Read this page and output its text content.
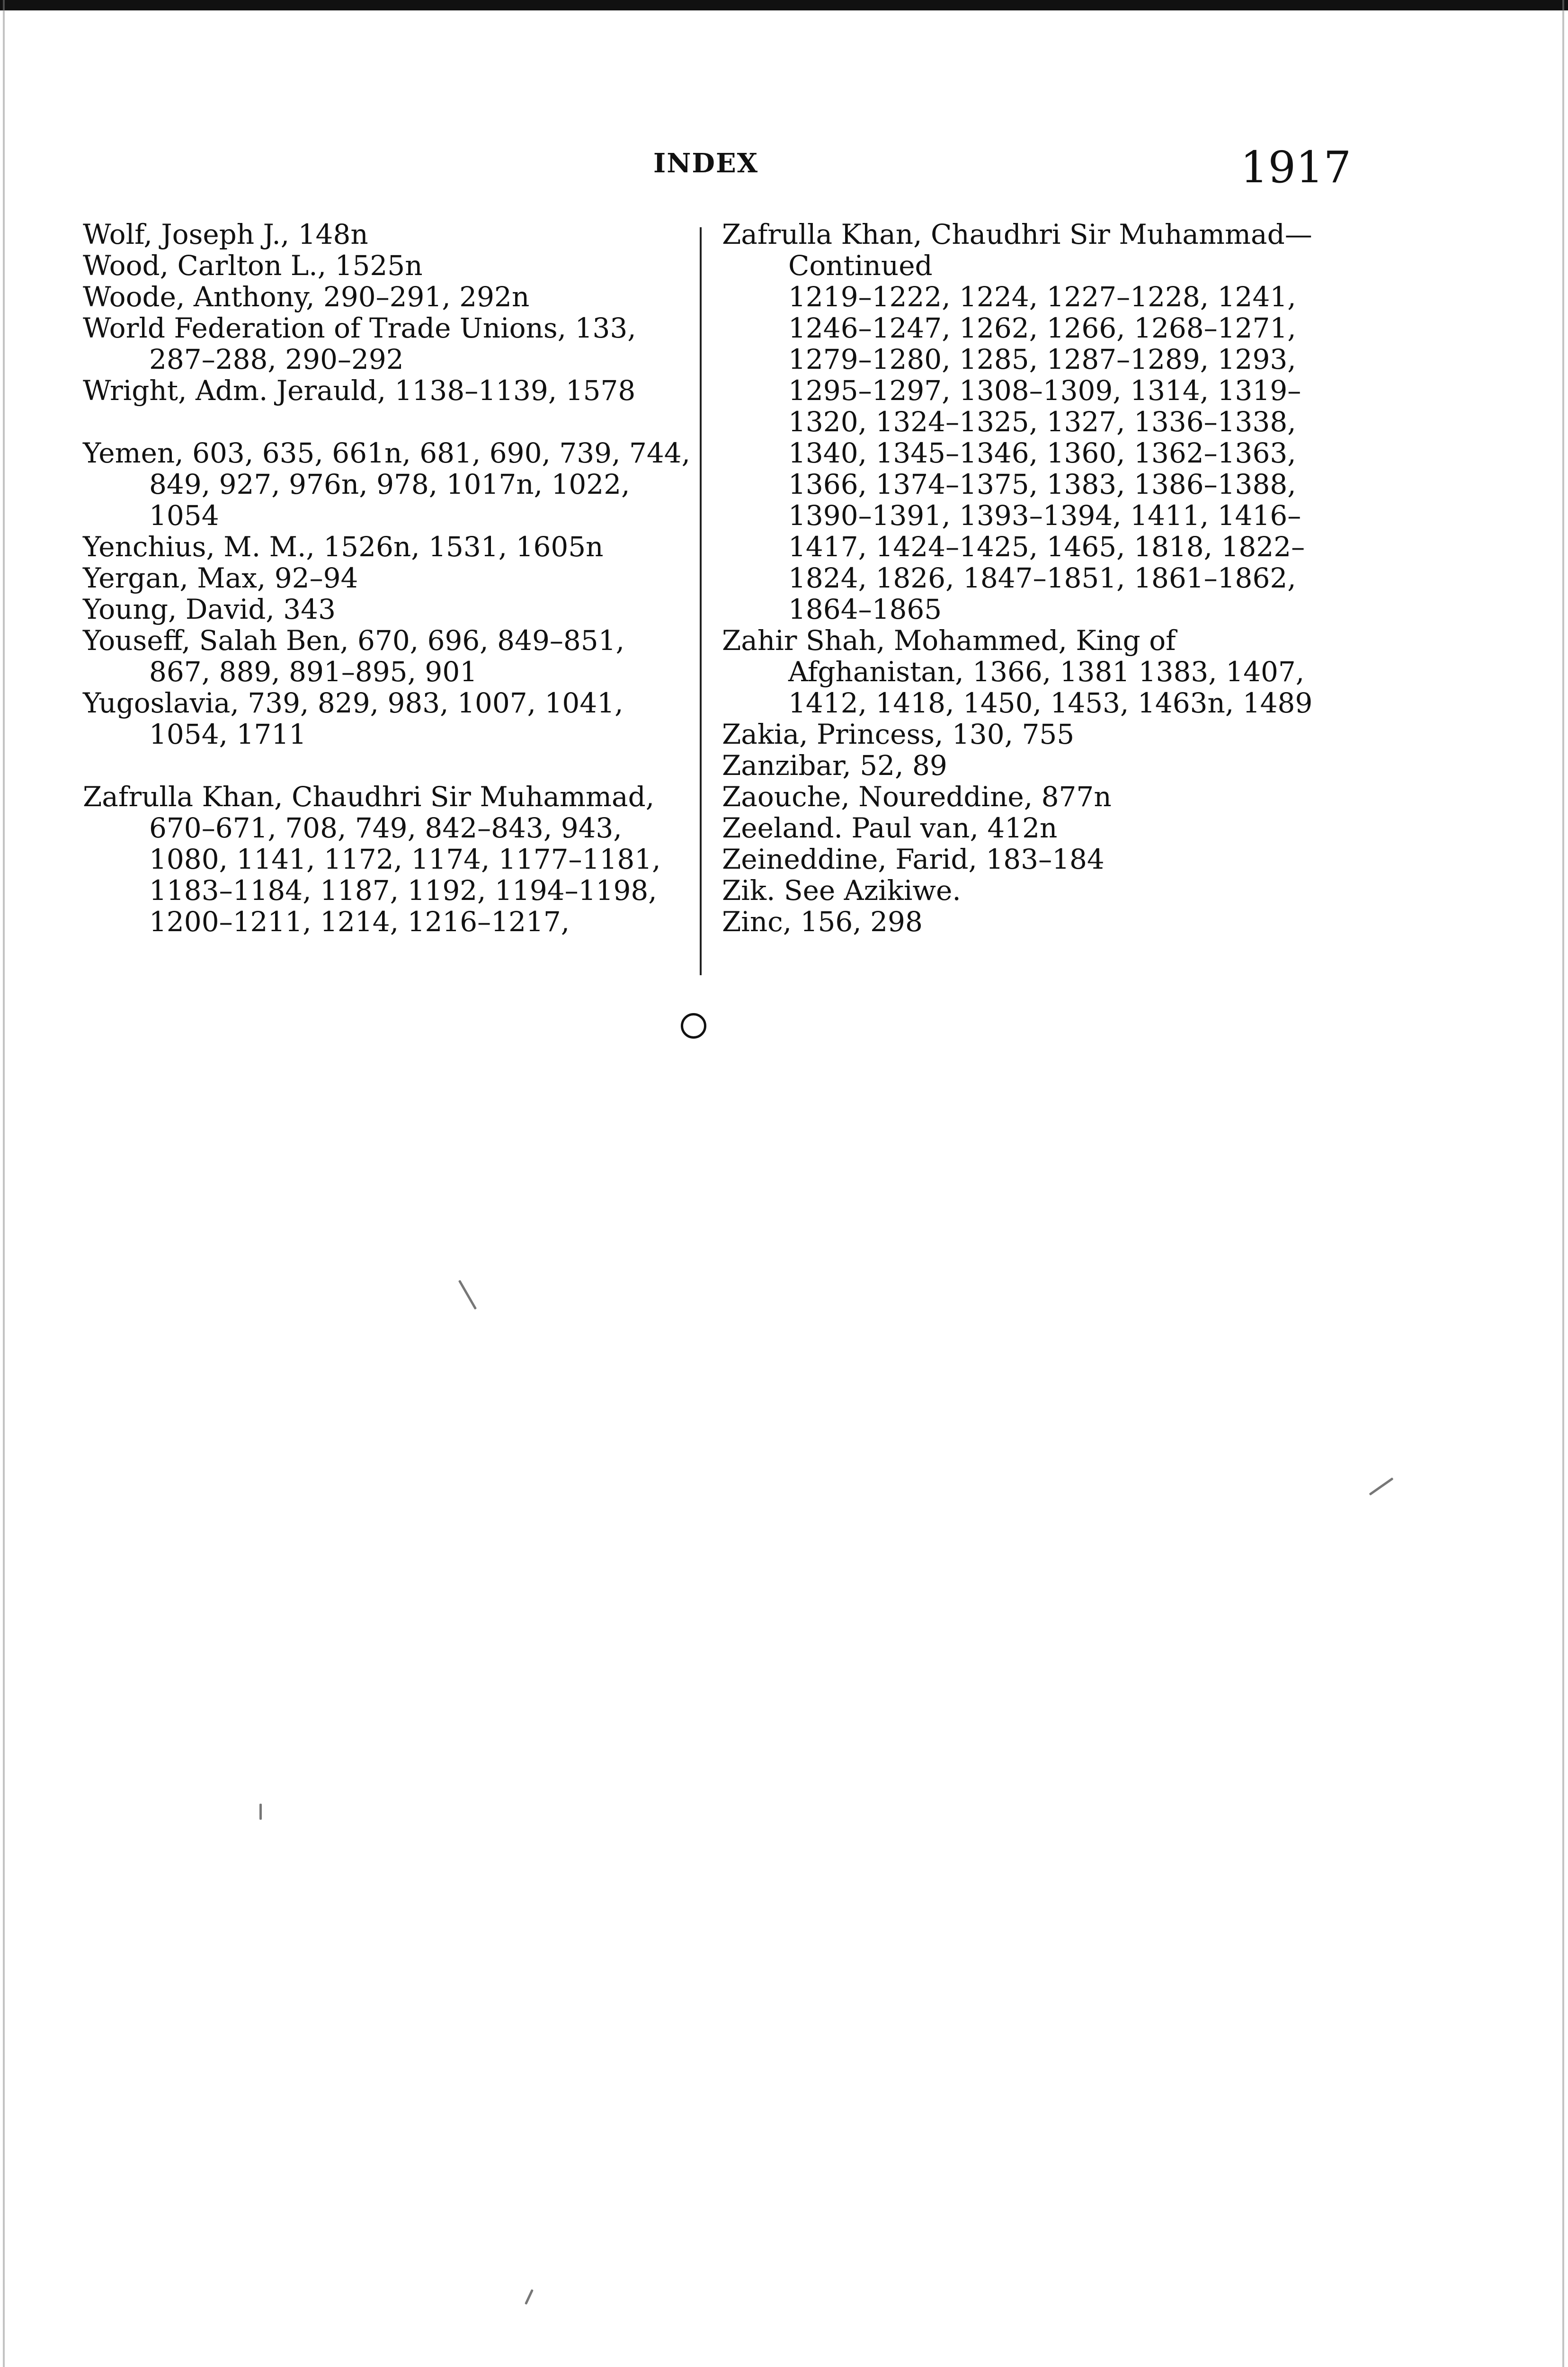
INDEX	1917

Wolf, Joseph J., 148n

Wood, Carlton L., 1525n

Woode, Anthony, 290–291, 292n

World Federation of Trade Unions, 133, 287–288, 290–292

Wright, Adm. Jerauld, 1138–1139, 1578

Yemen, 603, 635, 661n, 681, 690, 739, 744, 849, 927, 976n, 978, 1017n, 1022, 1054

Yenchius, M. M., 1526n, 1531, 1605n

Yergan, Max, 92–94

Young, David, 343

Youseff, Salah Ben, 670, 696, 849–851, 867, 889, 891–895, 901

Yugoslavia, 739, 829, 983, 1007, 1041, 1054, 1711

Zafrulla Khan, Chaudhri Sir Muhammad, 670–671, 708, 749, 842–843, 943, 1080, 1141, 1172, 1174, 1177–1181, 1183–1184, 1187, 1192, 1194–1198, 1200–1211, 1214, 1216–1217,

Zafrulla Khan, Chaudhri Sir Muhammad—Continued

1219–1222, 1224, 1227–1228, 1241, 1246–1247, 1262, 1266, 1268–1271, 1279–1280, 1285, 1287–1289, 1293, 1295–1297, 1308–1309, 1314, 1319–1320, 1324–1325, 1327, 1336–1338, 1340, 1345–1346, 1360, 1362–1363, 1366, 1374–1375, 1383, 1386–1388, 1390–1391, 1393–1394, 1411, 1416–1417, 1424–1425, 1465, 1818, 1822–1824, 1826, 1847–1851, 1861–1862, 1864–1865

Zahir Shah, Mohammed, King of Afghanistan, 1366, 1381 1383, 1407, 1412, 1418, 1450, 1453, 1463n, 1489

Zakia, Princess, 130, 755

Zanzibar, 52, 89

Zaouche, Noureddine, 877n

Zeeland. Paul van, 412n

Zeineddine, Farid, 183–184

Zik. See Azikiwe.

Zinc, 156, 298
